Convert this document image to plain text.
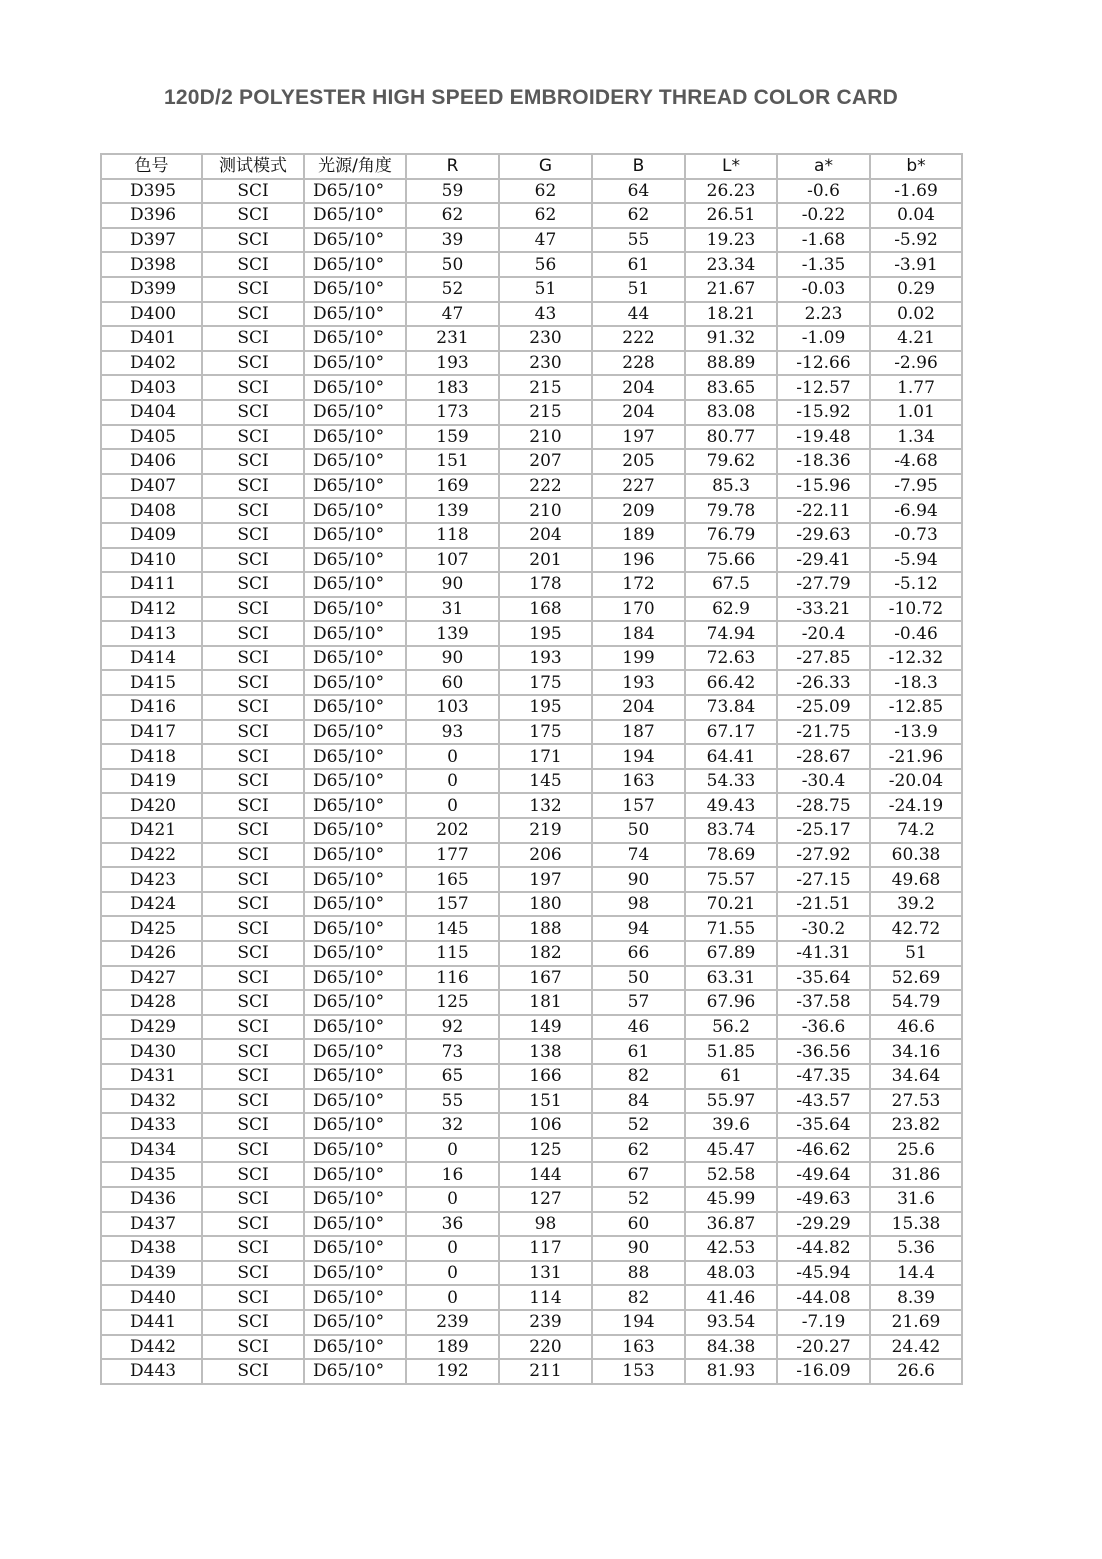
120D/2 POLYESTER HIGH SPEED EMBROIDERY THREAD COLOR CARD
色号	测试模式	光源/角度	R	G	B	L*	a*	b*
D395	SCI	D65/10°	59	62	64	26.23	-0.6	-1.69
D396	SCI	D65/10°	62	62	62	26.51	-0.22	0.04
D397	SCI	D65/10°	39	47	55	19.23	-1.68	-5.92
D398	SCI	D65/10°	50	56	61	23.34	-1.35	-3.91
D399	SCI	D65/10°	52	51	51	21.67	-0.03	0.29
D400	SCI	D65/10°	47	43	44	18.21	2.23	0.02
D401	SCI	D65/10°	231	230	222	91.32	-1.09	4.21
D402	SCI	D65/10°	193	230	228	88.89	-12.66	-2.96
D403	SCI	D65/10°	183	215	204	83.65	-12.57	1.77
D404	SCI	D65/10°	173	215	204	83.08	-15.92	1.01
D405	SCI	D65/10°	159	210	197	80.77	-19.48	1.34
D406	SCI	D65/10°	151	207	205	79.62	-18.36	-4.68
D407	SCI	D65/10°	169	222	227	85.3	-15.96	-7.95
D408	SCI	D65/10°	139	210	209	79.78	-22.11	-6.94
D409	SCI	D65/10°	118	204	189	76.79	-29.63	-0.73
D410	SCI	D65/10°	107	201	196	75.66	-29.41	-5.94
D411	SCI	D65/10°	90	178	172	67.5	-27.79	-5.12
D412	SCI	D65/10°	31	168	170	62.9	-33.21	-10.72
D413	SCI	D65/10°	139	195	184	74.94	-20.4	-0.46
D414	SCI	D65/10°	90	193	199	72.63	-27.85	-12.32
D415	SCI	D65/10°	60	175	193	66.42	-26.33	-18.3
D416	SCI	D65/10°	103	195	204	73.84	-25.09	-12.85
D417	SCI	D65/10°	93	175	187	67.17	-21.75	-13.9
D418	SCI	D65/10°	0	171	194	64.41	-28.67	-21.96
D419	SCI	D65/10°	0	145	163	54.33	-30.4	-20.04
D420	SCI	D65/10°	0	132	157	49.43	-28.75	-24.19
D421	SCI	D65/10°	202	219	50	83.74	-25.17	74.2
D422	SCI	D65/10°	177	206	74	78.69	-27.92	60.38
D423	SCI	D65/10°	165	197	90	75.57	-27.15	49.68
D424	SCI	D65/10°	157	180	98	70.21	-21.51	39.2
D425	SCI	D65/10°	145	188	94	71.55	-30.2	42.72
D426	SCI	D65/10°	115	182	66	67.89	-41.31	51
D427	SCI	D65/10°	116	167	50	63.31	-35.64	52.69
D428	SCI	D65/10°	125	181	57	67.96	-37.58	54.79
D429	SCI	D65/10°	92	149	46	56.2	-36.6	46.6
D430	SCI	D65/10°	73	138	61	51.85	-36.56	34.16
D431	SCI	D65/10°	65	166	82	61	-47.35	34.64
D432	SCI	D65/10°	55	151	84	55.97	-43.57	27.53
D433	SCI	D65/10°	32	106	52	39.6	-35.64	23.82
D434	SCI	D65/10°	0	125	62	45.47	-46.62	25.6
D435	SCI	D65/10°	16	144	67	52.58	-49.64	31.86
D436	SCI	D65/10°	0	127	52	45.99	-49.63	31.6
D437	SCI	D65/10°	36	98	60	36.87	-29.29	15.38
D438	SCI	D65/10°	0	117	90	42.53	-44.82	5.36
D439	SCI	D65/10°	0	131	88	48.03	-45.94	14.4
D440	SCI	D65/10°	0	114	82	41.46	-44.08	8.39
D441	SCI	D65/10°	239	239	194	93.54	-7.19	21.69
D442	SCI	D65/10°	189	220	163	84.38	-20.27	24.42
D443	SCI	D65/10°	192	211	153	81.93	-16.09	26.6
